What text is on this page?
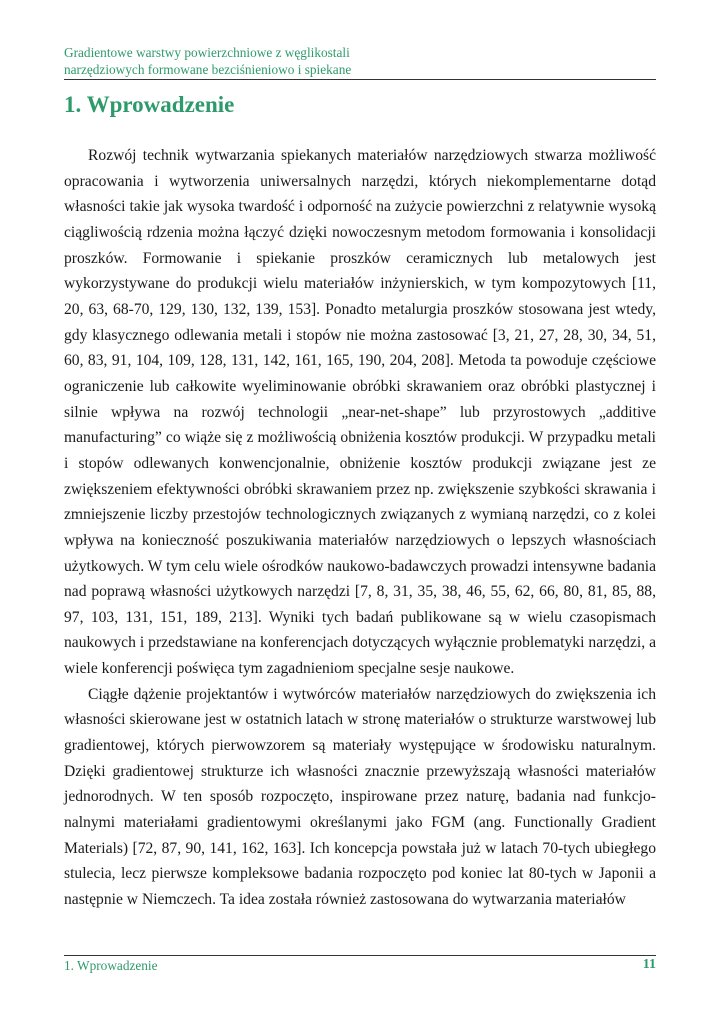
Gradientowe warstwy powierzchniowe z węglikostali
narzędziowych formowane bezciśnieniowo i spiekane
1. Wprowadzenie

Rozwój technik wytwarzania spiekanych materiałów narzędziowych stwarza możliwość opracowania i wytworzenia uniwersalnych narzędzi, których niekomplementarne dotąd własności takie jak wysoka twardość i odporność na zużycie powierzchni z relatywnie wysoką ciągliwością rdzenia można łączyć dzięki nowoczesnym metodom formowania i konsolidacji proszków. Formowanie i spiekanie proszków ceramicznych lub metalowych jest wykorzystywane do produkcji wielu materiałów inżynierskich, w tym kompozytowych [11, 20, 63, 68-70, 129, 130, 132, 139, 153]. Ponadto metalurgia proszków stosowana jest wtedy, gdy klasycznego odlewania metali i stopów nie można zastosować [3, 21, 27, 28, 30, 34, 51, 60, 83, 91, 104, 109, 128, 131, 142, 161, 165, 190, 204, 208]. Metoda ta powoduje częściowe ograniczenie lub całkowite wyeliminowanie obróbki skrawaniem oraz obróbki plastycznej i silnie wpływa na rozwój technologii „near-net-shape” lub przyrostowych „additive manufacturing” co wiąże się z możliwością obniżenia kosztów produkcji. W przypadku metali i stopów odlewanych konwencjonalnie, obniżenie kosztów produkcji związane jest ze zwiększeniem efektywności obróbki skrawaniem przez np. zwiększenie szybkości skrawania i zmniejszenie liczby przestojów technologicznych związanych z wymianą narzędzi, co z kolei wpływa na konieczność poszukiwania materiałów narzędziowych o lepszych własnościach użytkowych. W tym celu wiele ośrodków naukowo-badawczych prowadzi intensywne badania nad poprawą własności użytkowych narzędzi [7, 8, 31, 35, 38, 46, 55, 62, 66, 80, 81, 85, 88, 97, 103, 131, 151, 189, 213]. Wyniki tych badań publikowane są w wielu czasopismach naukowych i przedstawiane na konferencjach dotyczących wyłącznie problematyki narzędzi, a wiele konferencji poświęca tym zagadnieniom specjalne sesje naukowe.

Ciągłe dążenie projektantów i wytwórców materiałów narzędziowych do zwiększenia ich własności skierowane jest w ostatnich latach w stronę materiałów o strukturze warstwowej lub gradientowej, których pierwowzorem są materiały występujące w środowisku naturalnym. Dzięki gradientowej strukturze ich własności znacznie przewyższają własności materiałów jednorodnych. W ten sposób rozpoczęto, inspirowane przez naturę, badania nad funkcjonalnymi materiałami gradientowymi określanymi jako FGM (ang. Functionally Gradient Materials) [72, 87, 90, 141, 162, 163]. Ich koncepcja powstała już w latach 70-tych ubiegłego stulecia, lecz pierwsze kompleksowe badania rozpoczęto pod koniec lat 80-tych w Japonii a następnie w Niemczech. Ta idea została również zastosowana do wytwarzania materiałów

1. Wprowadzenie	11
